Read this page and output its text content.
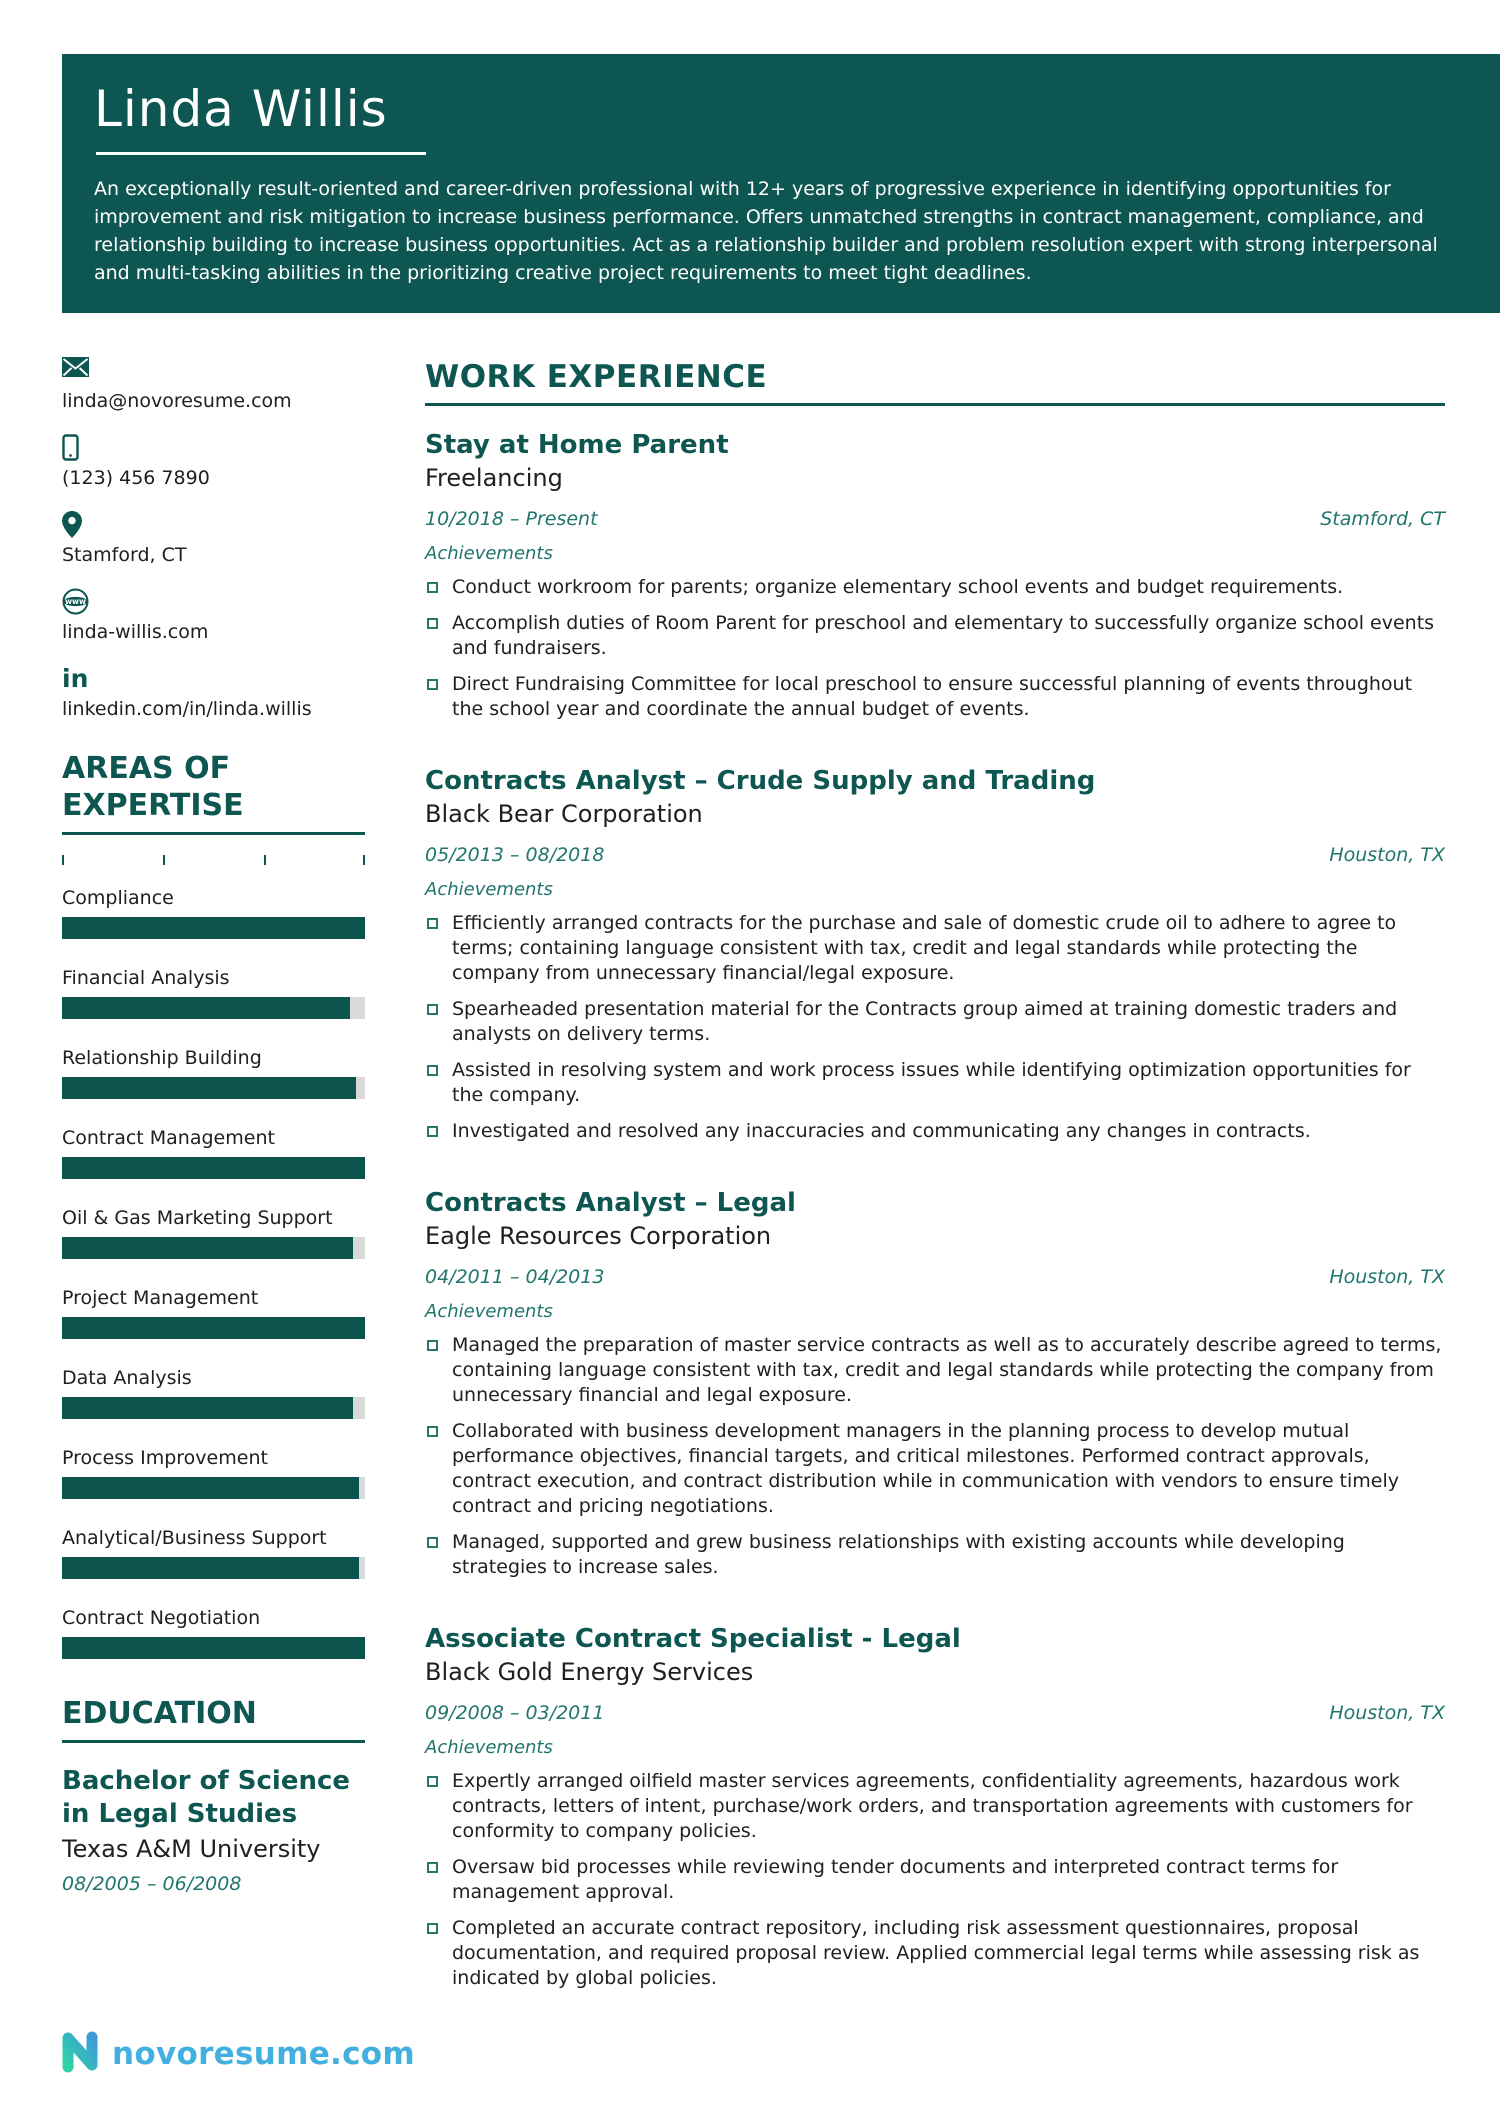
Linda Willis

An exceptionally result-oriented and career-driven professional with 12+ years of progressive experience in identifying opportunities for improvement and risk mitigation to increase business performance. Offers unmatched strengths in contract management, compliance, and relationship building to increase business opportunities. Act as a relationship builder and problem resolution expert with strong interpersonal and multi-tasking abilities in the prioritizing creative project requirements to meet tight deadlines.

linda@novoresume.com
(123) 456 7890
Stamford, CT
www
linda-willis.com
in
linkedin.com/in/linda.willis
AREAS OF EXPERTISE
Compliance
Financial Analysis
Relationship Building
Contract Management
Oil & Gas Marketing Support
Project Management
Data Analysis
Process Improvement
Analytical/Business Support
Contract Negotiation
EDUCATION
Bachelor of Science in Legal Studies
Texas A&M University
08/2005 – 06/2008
WORK EXPERIENCE
Stay at Home Parent
Freelancing
10/2018 – Present	Stamford, CT
Achievements
Conduct workroom for parents; organize elementary school events and budget requirements.
Accomplish duties of Room Parent for preschool and elementary to successfully organize school events and fundraisers.
Direct Fundraising Committee for local preschool to ensure successful planning of events throughout the school year and coordinate the annual budget of events.
Contracts Analyst – Crude Supply and Trading
Black Bear Corporation
05/2013 – 08/2018	Houston, TX
Achievements
Efficiently arranged contracts for the purchase and sale of domestic crude oil to adhere to agree to terms; containing language consistent with tax, credit and legal standards while protecting the company from unnecessary financial/legal exposure.
Spearheaded presentation material for the Contracts group aimed at training domestic traders and analysts on delivery terms.
Assisted in resolving system and work process issues while identifying optimization opportunities for the company.
Investigated and resolved any inaccuracies and communicating any changes in contracts.
Contracts Analyst – Legal
Eagle Resources Corporation
04/2011 – 04/2013	Houston, TX
Achievements
Managed the preparation of master service contracts as well as to accurately describe agreed to terms, containing language consistent with tax, credit and legal standards while protecting the company from unnecessary financial and legal exposure.
Collaborated with business development managers in the planning process to develop mutual performance objectives, financial targets, and critical milestones. Performed contract approvals, contract execution, and contract distribution while in communication with vendors to ensure timely contract and pricing negotiations.
Managed, supported and grew business relationships with existing accounts while developing strategies to increase sales.
Associate Contract Specialist - Legal
Black Gold Energy Services
09/2008 – 03/2011	Houston, TX
Achievements
Expertly arranged oilfield master services agreements, confidentiality agreements, hazardous work contracts, letters of intent, purchase/work orders, and transportation agreements with customers for conformity to company policies.
Oversaw bid processes while reviewing tender documents and interpreted contract terms for management approval.
Completed an accurate contract repository, including risk assessment questionnaires, proposal documentation, and required proposal review. Applied commercial legal terms while assessing risk as indicated by global policies.
novoresume.com
